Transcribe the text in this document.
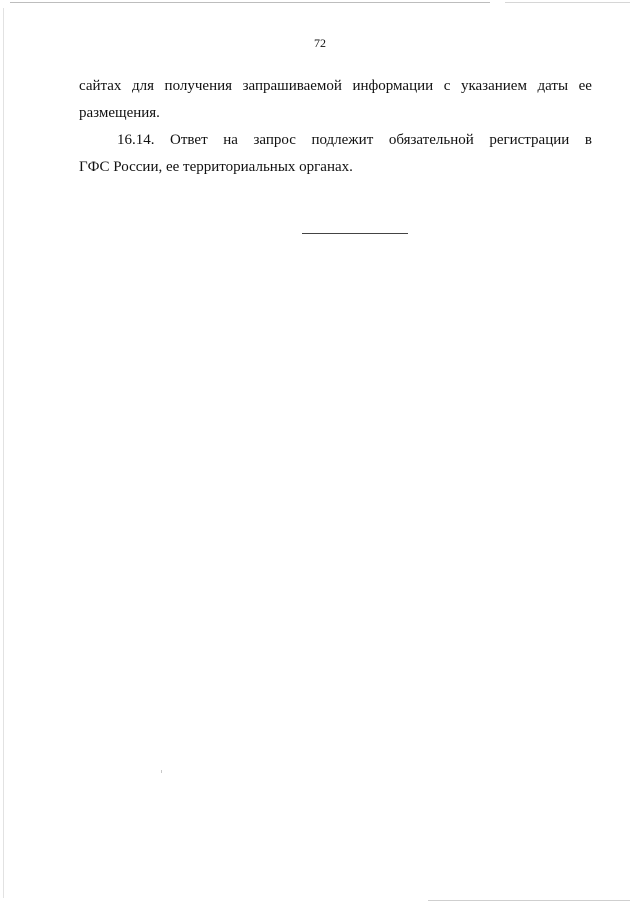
72
сайтах для получения запрашиваемой информации с указанием даты ее
размещения.
16.14. Ответ на запрос подлежит обязательной регистрации в
ГФС России, ее территориальных органах.
